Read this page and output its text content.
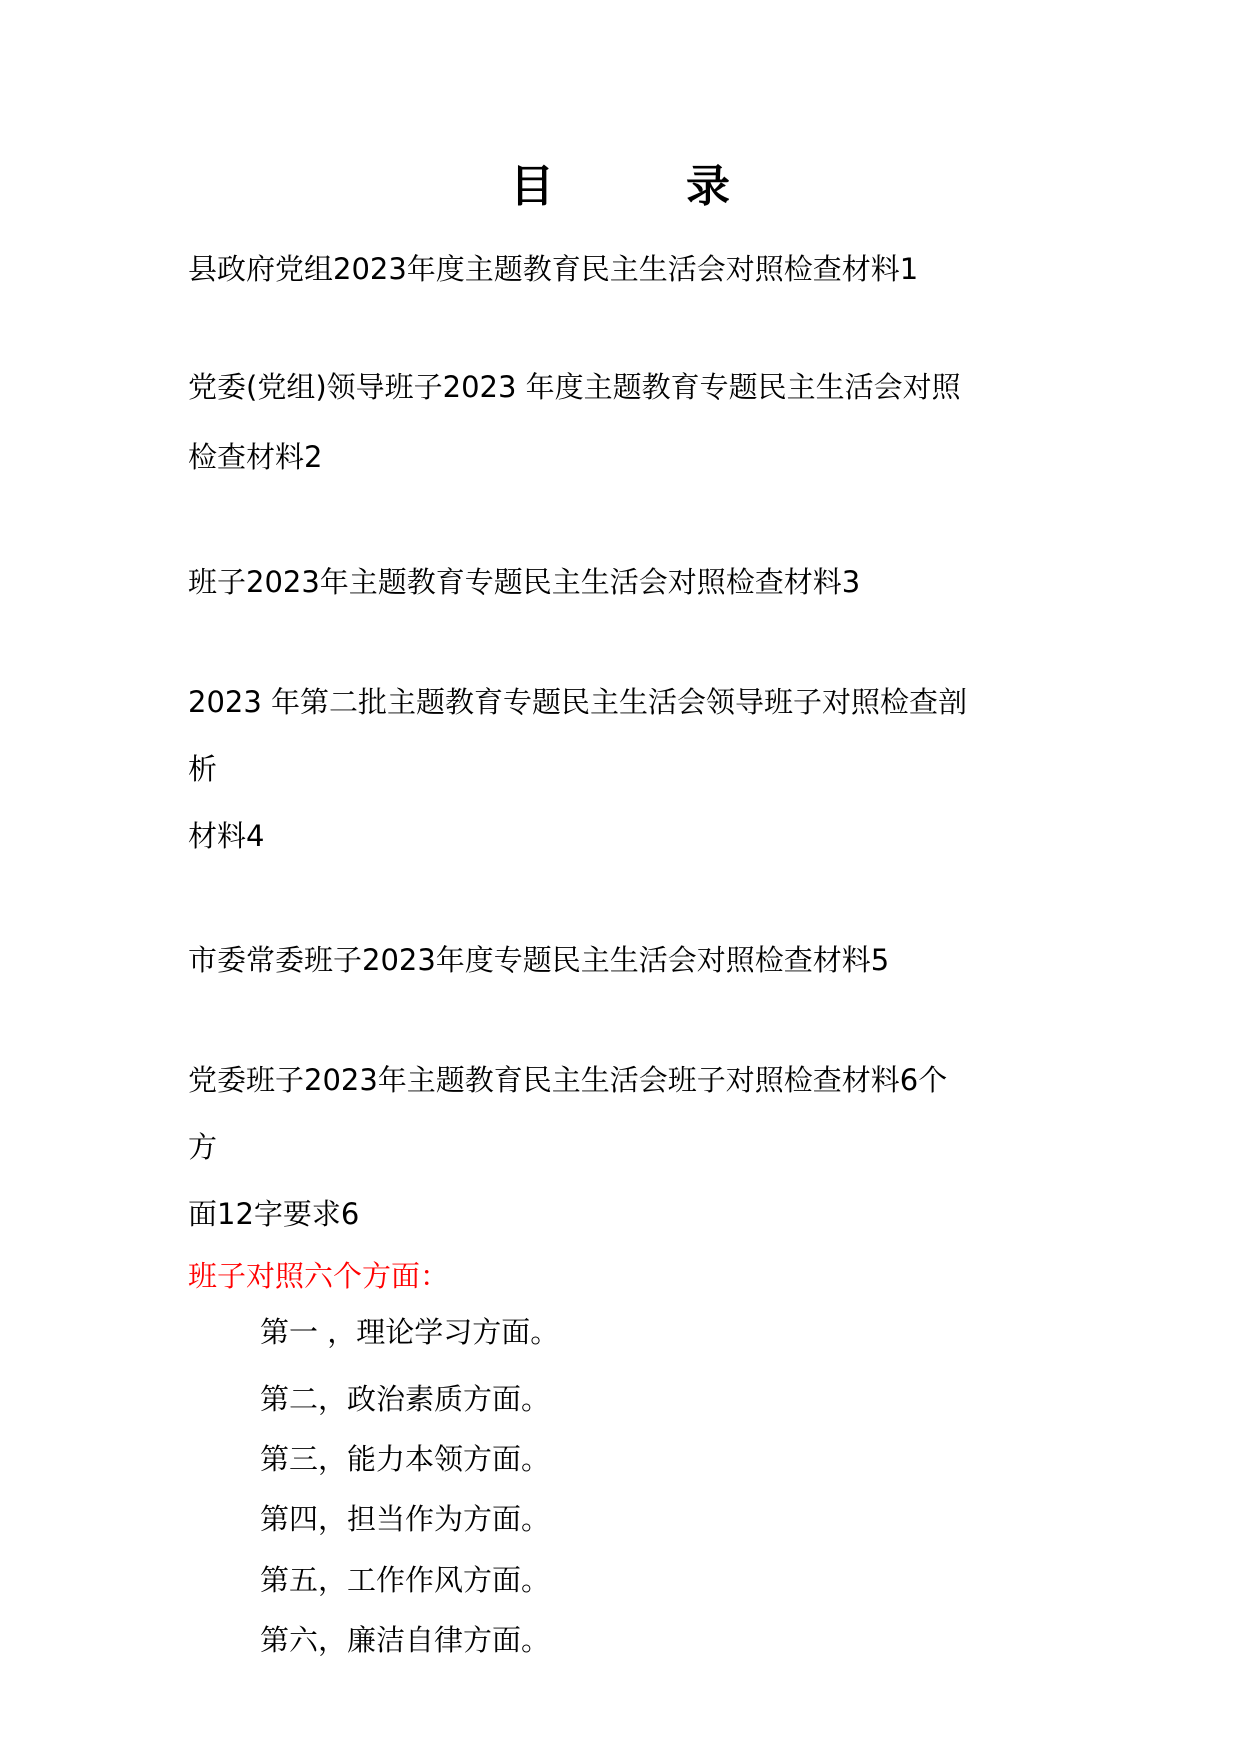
目　录
县政府党组2023年度主题教育民主生活会对照检查材料1
党委(党组)领导班子2023 年度主题教育专题民主生活会对照
检查材料2
班子2023年主题教育专题民主生活会对照检查材料3
2023 年第二批主题教育专题民主生活会领导班子对照检查剖
析
材料4
市委常委班子2023年度专题民主生活会对照检查材料5
党委班子2023年主题教育民主生活会班子对照检查材料6个
方
面12字要求6
班子对照六个方面：
第一 ，理论学习方面。
第二，政治素质方面。
第三，能力本领方面。
第四，担当作为方面。
第五，工作作风方面。
第六，廉洁自律方面。
